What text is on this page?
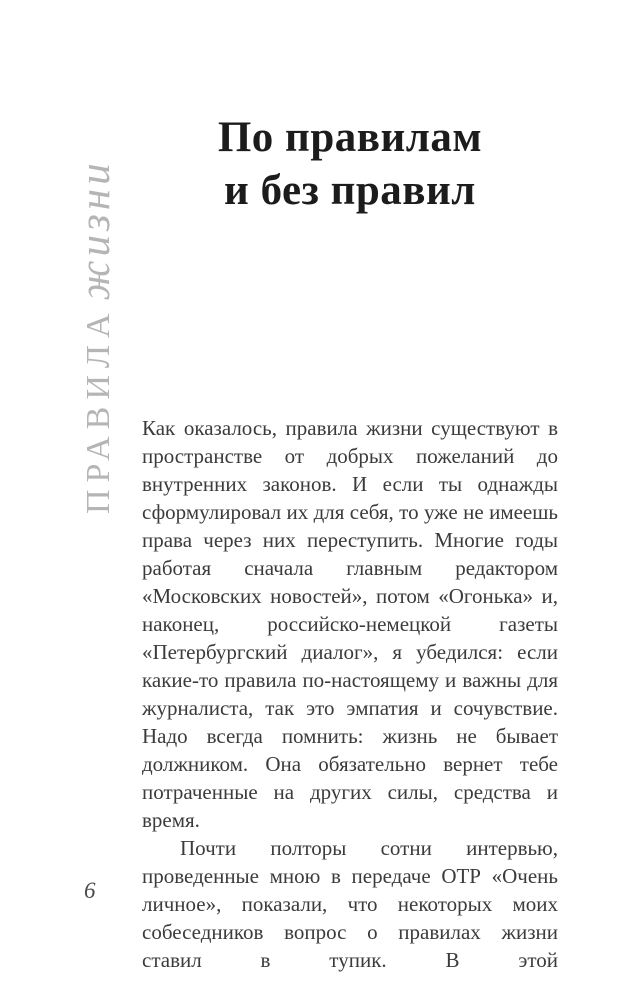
ПРАВИЛАжизни
По правилам
и без правил

Как оказалось, правила жизни существуют в пространстве от добрых пожеланий до внутренних законов. И если ты однажды сформулировал их для себя, то уже не имеешь права через них переступить. Многие годы работая сначала главным редактором «Московских новостей», потом «Огонька» и, наконец, российско-немецкой газеты «Петербургский диалог», я убедился: если какие-то правила по-настоящему и важны для журналиста, так это эмпатия и сочувствие. Надо всегда помнить: жизнь не бывает должником. Она обязательно вернет тебе потраченные на других силы, средства и время.

Почти полторы сотни интервью, проведенные мною в передаче ОТР «Очень личное», показали, что некоторых моих собеседников вопрос о правилах жизни ставил в тупик. В этой

6
